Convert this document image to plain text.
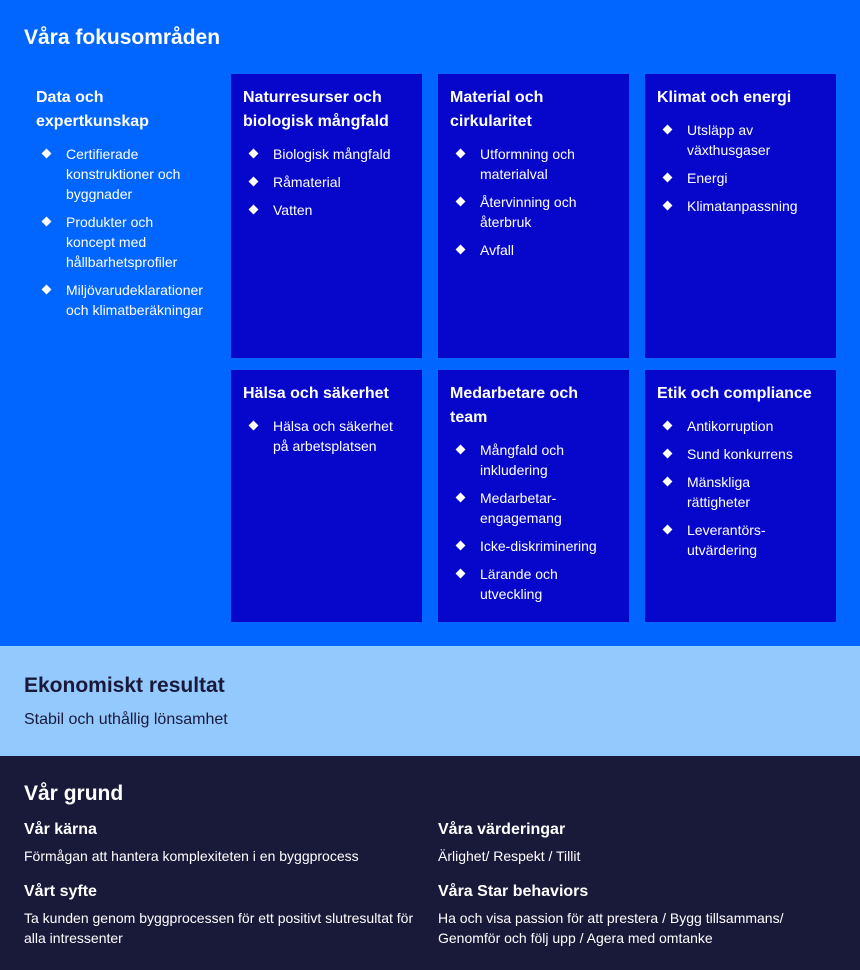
Våra fokusområden
Data och
expertkunskap
Certifierade
konstruktioner och
byggnader
Produkter och
koncept med
hållbarhetsprofiler
Miljövarudeklarationer
och klimatberäkningar
Naturresurser och
biologisk mångfald
Biologisk mångfald
Råmaterial
Vatten
Material och
cirkularitet
Utformning och
materialval
Återvinning och
återbruk
Avfall
Klimat och energi
Utsläpp av
växthusgaser
Energi
Klimatanpassning
Hälsa och säkerhet
Hälsa och säkerhet
på arbetsplatsen
Medarbetare och
team
Mångfald och
inkludering
Medarbetar-
engagemang
Icke-diskriminering
Lärande och
utveckling
Etik och compliance
Antikorruption
Sund konkurrens
Mänskliga
rättigheter
Leverantörs-
utvärdering
Ekonomiskt resultat

Stabil och uthållig lönsamhet

Vår grund
Vår kärna

Förmågan att hantera komplexiteten i en byggprocess

Våra värderingar

Ärlighet/ Respekt / Tillit

Vårt syfte

Ta kunden genom byggprocessen för ett positivt slutresultat för
alla intressenter

Våra Star behaviors

Ha och visa passion för att prestera / Bygg tillsammans/
Genomför och följ upp / Agera med omtanke
